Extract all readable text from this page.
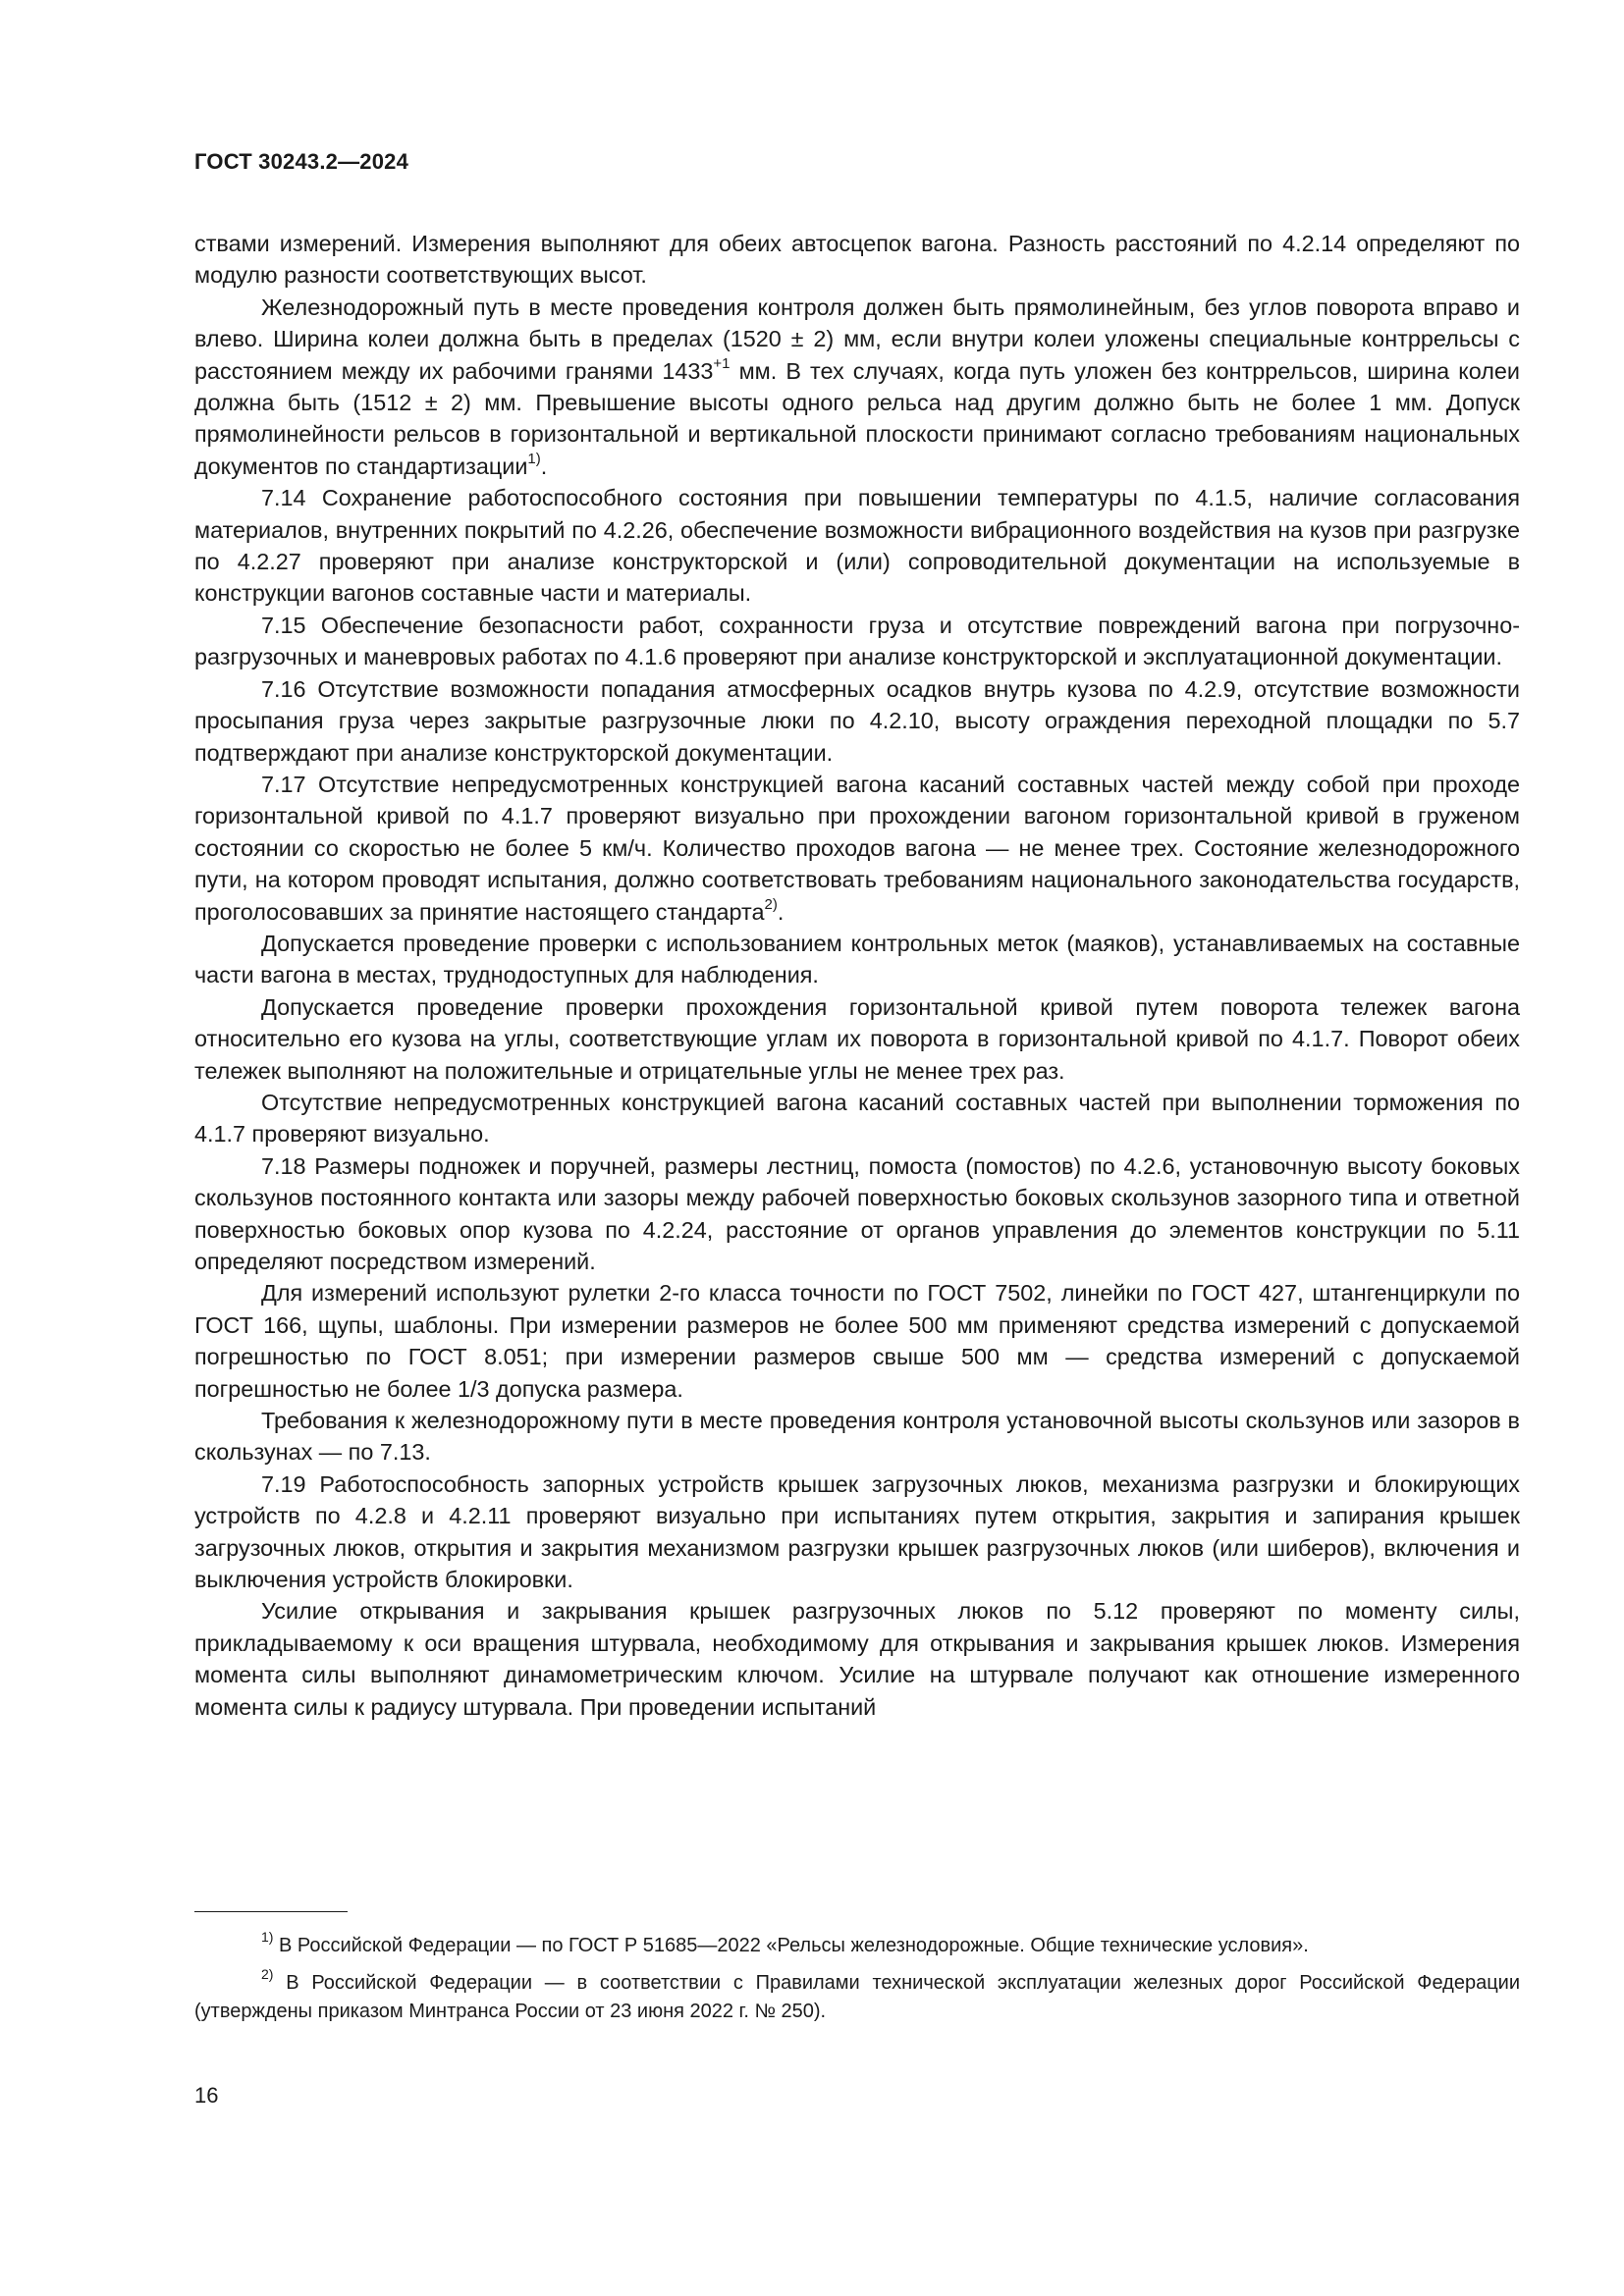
ГОСТ 30243.2—2024

ствами измерений. Измерения выполняют для обеих автосцепок вагона. Разность расстояний по 4.2.14 определяют по модулю разности соответствующих высот.

Железнодорожный путь в месте проведения контроля должен быть прямолинейным, без углов поворота вправо и влево. Ширина колеи должна быть в пределах (1520 ± 2) мм, если внутри колеи уложены специальные контррельсы с расстоянием между их рабочими гранями $1433^{+1}$ мм. В тех случаях, когда путь уложен без контррельсов, ширина колеи должна быть (1512 ± 2) мм. Превышение высоты одного рельса над другим должно быть не более 1 мм. Допуск прямолинейности рельсов в горизонтальной и вертикальной плоскости принимают согласно требованиям национальных документов по стандартизации$^{1)}$.

7.14 Сохранение работоспособного состояния при повышении температуры по 4.1.5, наличие согласования материалов, внутренних покрытий по 4.2.26, обеспечение возможности вибрационного воздействия на кузов при разгрузке по 4.2.27 проверяют при анализе конструкторской и (или) сопроводительной документации на используемые в конструкции вагонов составные части и материалы.

7.15 Обеспечение безопасности работ, сохранности груза и отсутствие повреждений вагона при погрузочно-разгрузочных и маневровых работах по 4.1.6 проверяют при анализе конструкторской и эксплуатационной документации.

7.16 Отсутствие возможности попадания атмосферных осадков внутрь кузова по 4.2.9, отсутствие возможности просыпания груза через закрытые разгрузочные люки по 4.2.10, высоту ограждения переходной площадки по 5.7 подтверждают при анализе конструкторской документации.

7.17 Отсутствие непредусмотренных конструкцией вагона касаний составных частей между собой при проходе горизонтальной кривой по 4.1.7 проверяют визуально при прохождении вагоном горизонтальной кривой в груженом состоянии со скоростью не более 5 км/ч. Количество проходов вагона — не менее трех. Состояние железнодорожного пути, на котором проводят испытания, должно соответствовать требованиям национального законодательства государств, проголосовавших за принятие настоящего стандарта$^{2)}$.

Допускается проведение проверки с использованием контрольных меток (маяков), устанавливаемых на составные части вагона в местах, труднодоступных для наблюдения.

Допускается проведение проверки прохождения горизонтальной кривой путем поворота тележек вагона относительно его кузова на углы, соответствующие углам их поворота в горизонтальной кривой по 4.1.7. Поворот обеих тележек выполняют на положительные и отрицательные углы не менее трех раз.

Отсутствие непредусмотренных конструкцией вагона касаний составных частей при выполнении торможения по 4.1.7 проверяют визуально.

7.18 Размеры подножек и поручней, размеры лестниц, помоста (помостов) по 4.2.6, установочную высоту боковых скользунов постоянного контакта или зазоры между рабочей поверхностью боковых скользунов зазорного типа и ответной поверхностью боковых опор кузова по 4.2.24, расстояние от органов управления до элементов конструкции по 5.11 определяют посредством измерений.

Для измерений используют рулетки 2-го класса точности по ГОСТ 7502, линейки по ГОСТ 427, штангенциркули по ГОСТ 166, щупы, шаблоны. При измерении размеров не более 500 мм применяют средства измерений с допускаемой погрешностью по ГОСТ 8.051; при измерении размеров свыше 500 мм — средства измерений с допускаемой погрешностью не более 1/3 допуска размера.

Требования к железнодорожному пути в месте проведения контроля установочной высоты скользунов или зазоров в скользунах — по 7.13.

7.19 Работоспособность запорных устройств крышек загрузочных люков, механизма разгрузки и блокирующих устройств по 4.2.8 и 4.2.11 проверяют визуально при испытаниях путем открытия, закрытия и запирания крышек загрузочных люков, открытия и закрытия механизмом разгрузки крышек разгрузочных люков (или шиберов), включения и выключения устройств блокировки.

Усилие открывания и закрывания крышек разгрузочных люков по 5.12 проверяют по моменту силы, прикладываемому к оси вращения штурвала, необходимому для открывания и закрывания крышек люков. Измерения момента силы выполняют динамометрическим ключом. Усилие на штурвале получают как отношение измеренного момента силы к радиусу штурвала. При проведении испытаний

$^{1)}$ В Российской Федерации — по ГОСТ Р 51685—2022 «Рельсы железнодорожные. Общие технические условия».

$^{2)}$ В Российской Федерации — в соответствии с Правилами технической эксплуатации железных дорог Российской Федерации (утверждены приказом Минтранса России от 23 июня 2022 г. № 250).

16
